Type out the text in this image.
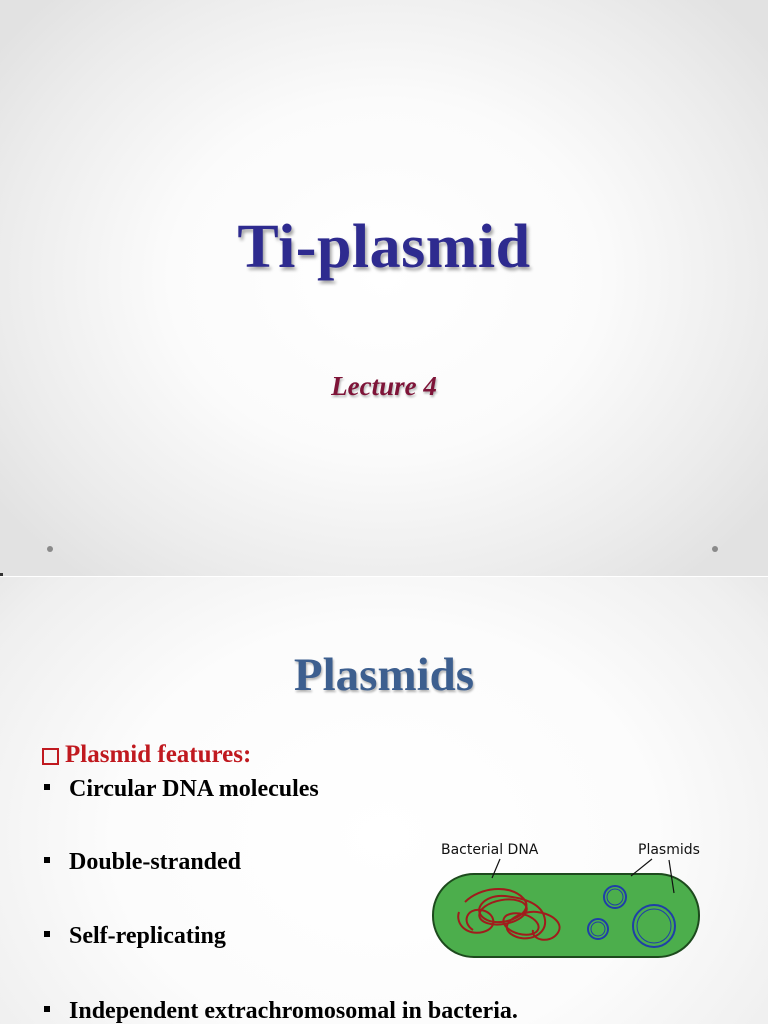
Ti-plasmid
Lecture 4
Plasmids
Plasmid features:
Circular DNA molecules
Double-stranded
Self-replicating
Independent extrachromosomal in bacteria.
Bacterial DNA	Plasmids
